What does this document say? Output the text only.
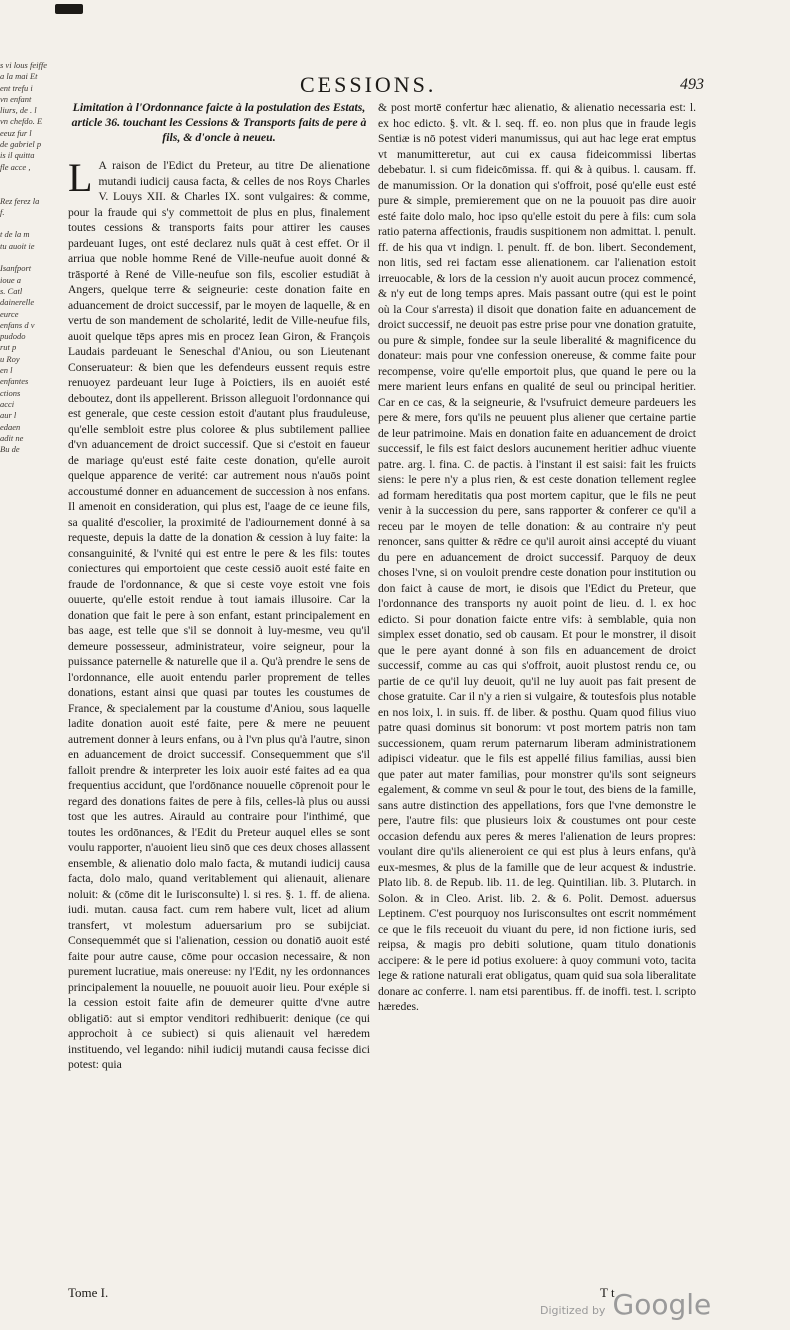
s vi lous feiffe
a la mai Et
ent trefu i
vn enfant
liurs, de . l
vn chefdo. E
eeuz fur l
de gabriel p
is il quitta
fle acce ,
Rez ferez la
f.
t de la m
tu auoit ie
Isanfport
ioue a
s. Catl
dainerelle
eurce
enfans d v
pudodo
rut p
u Roy
en l
enfantes
ctions
acci
aur l
edaen
adit ne
Bu de
CESSIONS.	493

Limitation à l'Ordonnance faicte à la postulation des Estats, article 36. touchant les Cessions & Transports faits de pere à fils, & d'oncle à neueu.

L A raison de l'Edict du Preteur, au titre De alienatione mutandi iudicij causa facta, & celles de nos Roys Charles V. Louys XII. & Charles IX. sont vulgaires: & comme, pour la fraude qui s'y commettoit de plus en plus, finalement toutes cessions & transports faits pour attirer les causes pardeuant Iuges, ont esté declarez nuls quāt à cest effet. Or il arriua que noble homme René de Ville-neufue auoit donné & trāsporté à René de Ville-neufue son fils, escolier estudiāt à Angers, quelque terre & seigneurie: ceste donation faite en aduancement de droict successif, par le moyen de laquelle, & en vertu de son mandement de scholarité, ledit de Ville-neufue fils, auoit quelque tēps apres mis en procez Iean Giron, & François Laudais pardeuant le Seneschal d'Aniou, ou son Lieutenant Conseruateur: & bien que les defendeurs eussent requis estre renuoyez pardeuant leur Iuge à Poictiers, ils en auoiét esté deboutez, dont ils appellerent. Brisson alleguoit l'ordonnance qui est generale, que ceste cession estoit d'autant plus frauduleuse, qu'elle sembloit estre plus coloree & plus subtilement palliee d'vn aduancement de droict successif. Que si c'estoit en faueur de mariage qu'eust esté faite ceste donation, qu'elle auroit quelque apparence de verité: car autrement nous n'auōs point accoustumé donner en aduancement de succession à nos enfans. Il amenoit en consideration, qui plus est, l'aage de ce ieune fils, sa qualité d'escolier, la proximité de l'adiournement donné à sa requeste, depuis la datte de la donation & cession à luy faite: la consanguinité, & l'vnité qui est entre le pere & les fils: toutes coniectures qui emportoient que ceste cessiō auoit esté faite en fraude de l'ordonnance, & que si ceste voye estoit vne fois ouuerte, qu'elle estoit rendue à tout iamais illusoire. Car la donation que fait le pere à son enfant, estant principalement en bas aage, est telle que s'il se donnoit à luy-mesme, veu qu'il demeure possesseur, administrateur, voire seigneur, pour la puissance paternelle & naturelle que il a. Qu'à prendre le sens de l'ordonnance, elle auoit entendu parler proprement de telles donations, estant ainsi que quasi par toutes les coustumes de France, & specialement par la coustume d'Aniou, sous laquelle ladite donation auoit esté faite, pere & mere ne peuuent autrement donner à leurs enfans, ou à l'vn plus qu'à l'autre, sinon en aduancement de droict successif. Consequemment que s'il falloit prendre & interpreter les loix auoir esté faites ad ea qua frequentius accidunt, que l'ordōnance nouuelle cōprenoit pour le regard des donations faites de pere à fils, celles-là plus ou aussi tost que les autres. Airauld au contraire pour l'inthimé, que toutes les ordōnances, & l'Edit du Preteur auquel elles se sont voulu rapporter, n'auoient lieu sinō que ces deux choses allassent ensemble, & alienatio dolo malo facta, & mutandi iudicij causa facta, dolo malo, quand veritablement qui alienauit, alienare noluit: & (cōme dit le Iurisconsulte) l. si res. §. 1. ff. de aliena. iudi. mutan. causa fact. cum rem habere vult, licet ad alium transfert, vt molestum aduersarium pro se subijciat. Consequemmét que si l'alienation, cession ou donatiō auoit esté faite pour autre cause, cōme pour occasion necessaire, & non purement lucratiue, mais onereuse: ny l'Edit, ny les ordonnances principalement la nouuelle, ne pouuoit auoir lieu. Pour exéple si la cession estoit faite afin de demeurer quitte d'vne autre obligatiō: aut si emptor venditori redhibuerit: denique (ce qui approchoit à ce subiect) si quis alienauit vel hæredem instituendo, vel legando: nihil iudicij mutandi causa fecisse dici potest: quia

& post mortē confertur hæc alienatio, & alienatio necessaria est: l. ex hoc edicto. §. vlt. & l. seq. ff. eo. non plus que in fraude legis Sentiæ is nō potest videri manumissus, qui aut hac lege erat emptus vt manumitteretur, aut cui ex causa fideicommissi libertas debebatur. l. si cum fideicōmissa. ff. qui & à quibus. l. causam. ff. de manumission. Or la donation qui s'offroit, posé qu'elle eust esté pure & simple, premierement que on ne la pouuoit pas dire auoir esté faite dolo malo, hoc ipso qu'elle estoit du pere à fils: cum sola ratio paterna affectionis, fraudis suspitionem non admittat. l. penult. ff. de his qua vt indign. l. penult. ff. de bon. libert. Secondement, non litis, sed rei factam esse alienationem. car l'alienation estoit irreuocable, & lors de la cession n'y auoit aucun procez commencé, & n'y eut de long temps apres. Mais passant outre (qui est le point où la Cour s'arresta) il disoit que donation faite en aduancement de droict successif, ne deuoit pas estre prise pour vne donation gratuite, ou pure & simple, fondee sur la seule liberalité & magnificence du donateur: mais pour vne confession onereuse, & comme faite pour recompense, voire qu'elle emportoit plus, que quand le pere ou la mere marient leurs enfans en qualité de seul ou principal heritier. Car en ce cas, & la seigneurie, & l'vsufruict demeure pardeuers les pere & mere, fors qu'ils ne peuuent plus aliener que certaine partie de leur patrimoine. Mais en donation faite en aduancement de droict successif, le fils est faict deslors aucunement heritier adhuc viuente patre. arg. l. fina. C. de pactis. à l'instant il est saisi: fait les fruicts siens: le pere n'y a plus rien, & est ceste donation tellement reglee ad formam hereditatis qua post mortem capitur, que le fils ne peut venir à la succession du pere, sans rapporter & conferer ce qu'il a receu par le moyen de telle donation: & au contraire n'y peut renoncer, sans quitter & rēdre ce qu'il auroit ainsi accepté du viuant du pere en aduancement de droict successif. Parquoy de deux choses l'vne, si on vouloit prendre ceste donation pour institution ou don faict à cause de mort, ie disois que l'Edict du Preteur, que l'ordonnance des transports ny auoit point de lieu. d. l. ex hoc edicto. Si pour donation faicte entre vifs: à semblable, quia non simplex esset donatio, sed ob causam. Et pour le monstrer, il disoit que le pere ayant donné à son fils en aduancement de droict successif, comme au cas qui s'offroit, auoit plustost rendu ce, ou partie de ce qu'il luy deuoit, qu'il ne luy auoit pas fait present de chose gratuite. Car il n'y a rien si vulgaire, & toutesfois plus notable en nos loix, l. in suis. ff. de liber. & posthu. Quam quod filius viuo patre quasi dominus sit bonorum: vt post mortem patris non tam successionem, quam rerum paternarum liberam administrationem adipisci videatur. que le fils est appellé filius familias, aussi bien que pater aut mater familias, pour monstrer qu'ils sont seigneurs egalement, & comme vn seul & pour le tout, des biens de la famille, sans autre distinction des appellations, fors que l'vne demonstre le pere, l'autre fils: que plusieurs loix & coustumes ont pour ceste occasion defendu aux peres & meres l'alienation de leurs propres: voulant dire qu'ils alieneroient ce qui est plus à leurs enfans, qu'à eux-mesmes, & plus de la famille que de leur acquest & industrie. Plato lib. 8. de Repub. lib. 11. de leg. Quintilian. lib. 3. Plutarch. in Solon. & in Cleo. Arist. lib. 2. & 6. Polit. Demost. aduersus Leptinem. C'est pourquoy nos Iurisconsultes ont escrit nommément ce que le fils receuoit du viuant du pere, id non fictione iuris, sed reipsa, & magis pro debiti solutione, quam titulo donationis accipere: & le pere id potius exoluere: à quoy communi voto, tacita lege & ratione naturali erat obligatus, quam quid sua sola liberalitate donare ac conferre. l. nam etsi parentibus. ff. de inoffi. test. l. scripto hæredes.

Tome I.
Digitized by Google
T t
